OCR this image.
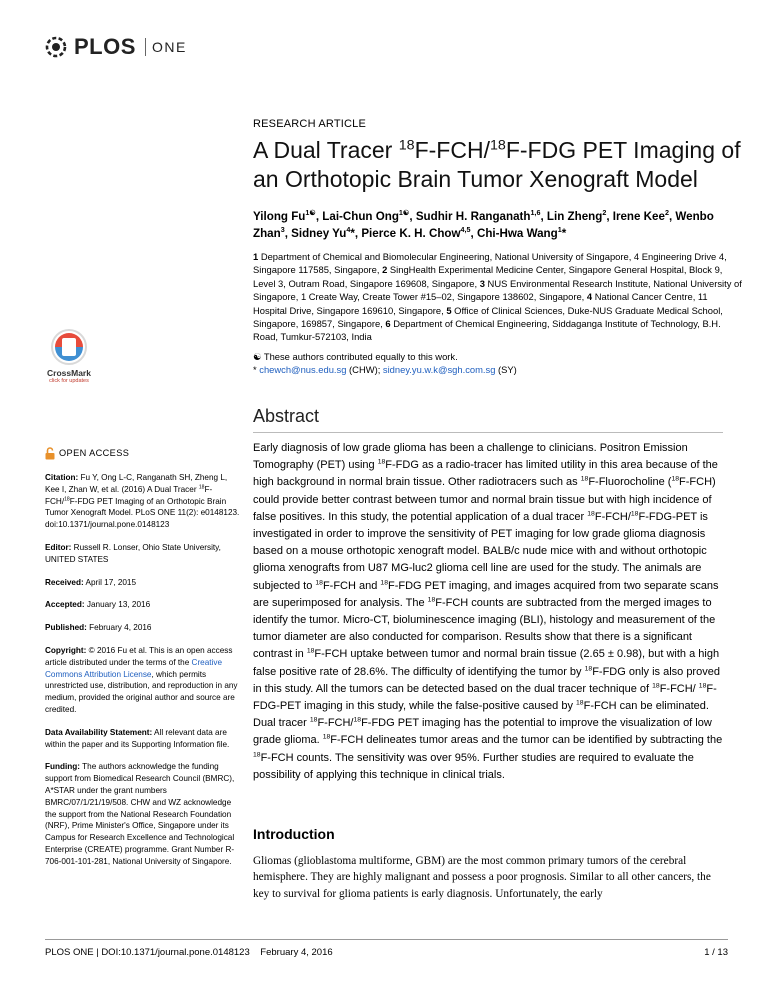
PLOS ONE
RESEARCH ARTICLE
A Dual Tracer $^{18}$F-FCH/$^{18}$F-FDG PET Imaging of an Orthotopic Brain Tumor Xenograft Model
Yilong $Fu^{1☯}$, Lai-Chun Ong$^{1☯}$, Sudhir H. Ranganath$^{1,6}$, Lin Zheng$^2$, Irene Kee$^2$, Wenbo Zhan$^3$, Sidney Yu$^4$*, Pierce K. H. Chow$^{4,5}$, Chi-Hwa Wang$^1$*
1 Department of Chemical and Biomolecular Engineering, National University of Singapore, 4 Engineering Drive 4, Singapore 117585, Singapore, 2 SingHealth Experimental Medicine Center, Singapore General Hospital, Block 9, Level 3, Outram Road, Singapore 169608, Singapore, 3 NUS Environmental Research Institute, National University of Singapore, 1 Create Way, Create Tower #15–02, Singapore 138602, Singapore, 4 National Cancer Centre, 11 Hospital Drive, Singapore 169610, Singapore, 5 Office of Clinical Sciences, Duke-NUS Graduate Medical School, Singapore, 169857, Singapore, 6 Department of Chemical Engineering, Siddaganga Institute of Technology, B.H. Road, Tumkur-572103, India
☯ These authors contributed equally to this work.
* chewch@nus.edu.sg (CHW); sidney.yu.w.k@sgh.com.sg (SY)
CrossMark
click for updates
Abstract
Early diagnosis of low grade glioma has been a challenge to clinicians. Positron Emission Tomography (PET) using $^{18}$F-FDG as a radio-tracer has limited utility in this area because of the high background in normal brain tissue. Other radiotracers such as $^{18}$F-Fluorocholine ($^{18}$F-FCH) could provide better contrast between tumor and normal brain tissue but with high incidence of false positives. In this study, the potential application of a dual tracer $^{18}$F-FCH/$^{18}$F-FDG-PET is investigated in order to improve the sensitivity of PET imaging for low grade glioma diagnosis based on a mouse orthotopic xenograft model. BALB/c nude mice with and without orthotopic glioma xenografts from U87 MG-luc2 glioma cell line are used for the study. The animals are subjected to $^{18}$F-FCH and $^{18}$F-FDG PET imaging, and images acquired from two separate scans are superimposed for analysis. The $^{18}$F-FCH counts are subtracted from the merged images to identify the tumor. Micro-CT, bioluminescence imaging (BLI), histology and measurement of the tumor diameter are also conducted for comparison. Results show that there is a significant contrast in $^{18}$F-FCH uptake between tumor and normal brain tissue (2.65 ± 0.98), but with a high false positive rate of 28.6%. The difficulty of identifying the tumor by $^{18}$F-FDG only is also proved in this study. All the tumors can be detected based on the dual tracer technique of $^{18}$F-FCH/ $^{18}$F-FDG-PET imaging in this study, while the false-positive caused by $^{18}$F-FCH can be eliminated. Dual tracer $^{18}$F-FCH/$^{18}$F-FDG PET imaging has the potential to improve the visualization of low grade glioma. $^{18}$F-FCH delineates tumor areas and the tumor can be identified by subtracting the $^{18}$F-FCH counts. The sensitivity was over 95%. Further studies are required to evaluate the possibility of applying this technique in clinical trials.

OPEN ACCESS

Citation: Fu Y, Ong L-C, Ranganath SH, Zheng L, Kee I, Zhan W, et al. (2016) A Dual Tracer $^{18}$F-FCH/$^{18}$F-FDG PET Imaging of an Orthotopic Brain Tumor Xenograft Model. PLoS ONE 11(2): e0148123. doi:10.1371/journal.pone.0148123

Editor: Russell R. Lonser, Ohio State University, UNITED STATES

Received: April 17, 2015

Accepted: January 13, 2016

Published: February 4, 2016

Copyright: © 2016 Fu et al. This is an open access article distributed under the terms of the Creative Commons Attribution License, which permits unrestricted use, distribution, and reproduction in any medium, provided the original author and source are credited.

Data Availability Statement: All relevant data are within the paper and its Supporting Information file.

Funding: The authors acknowledge the funding support from Biomedical Research Council (BMRC), A*STAR under the grant numbers BMRC/07/1/21/19/508. CHW and WZ acknowledge the support from the National Research Foundation (NRF), Prime Minister's Office, Singapore under its Campus for Research Excellence and Technological Enterprise (CREATE) programme. Grant Number R-706-001-101-281, National University of Singapore.

Introduction
Gliomas (glioblastoma multiforme, GBM) are the most common primary tumors of the cerebral hemisphere. They are highly malignant and possess a poor prognosis. Similar to all other cancers, the key to survival for glioma patients is early diagnosis. Unfortunately, the early
PLOS ONE | DOI:10.1371/journal.pone.0148123    February 4, 2016	1 / 13
